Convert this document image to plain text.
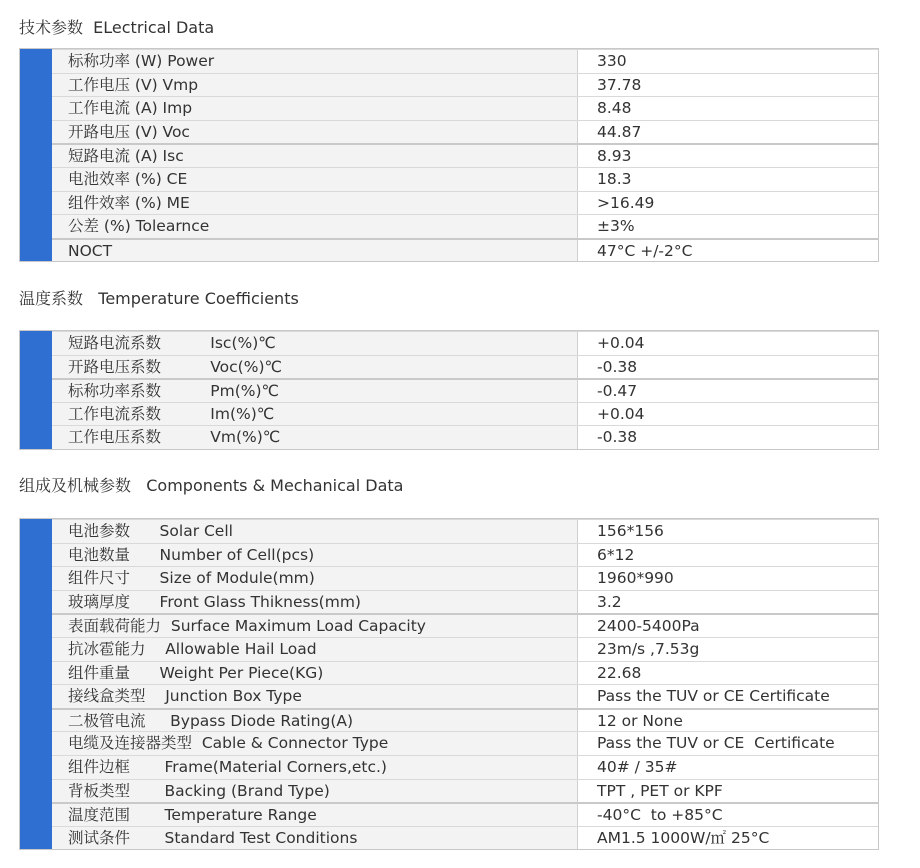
技术参数  ELectrical Data
标称功率 (W) Power	330
工作电压 (V) Vmp	37.78
工作电流 (A) Imp	8.48
开路电压 (V) Voc	44.87
短路电流 (A) Isc	8.93
电池效率 (%) CE	18.3
组件效率 (%) ME	>16.49
公差 (%) Tolearnce	±3%
NOCT	47°C +/-2°C
温度系数   Temperature Coefficients
短路电流系数          Isc(%)℃	+0.04
开路电压系数          Voc(%)℃	-0.38
标称功率系数          Pm(%)℃	-0.47
工作电流系数          Im(%)℃	+0.04
工作电压系数          Vm(%)℃	-0.38
组成及机械参数   Components & Mechanical Data
电池参数      Solar Cell	156*156
电池数量      Number of Cell(pcs)	6*12
组件尺寸      Size of Module(mm)	1960*990
玻璃厚度      Front Glass Thikness(mm)	3.2
表面载荷能力  Surface Maximum Load Capacity	2400-5400Pa
抗冰雹能力    Allowable Hail Load	23m/s ,7.53g
组件重量      Weight Per Piece(KG)	22.68
接线盒类型    Junction Box Type	Pass the TUV or CE Certificate
二极管电流     Bypass Diode Rating(A)	12 or None
电缆及连接器类型  Cable & Connector Type	Pass the TUV or CE  Certificate
组件边框       Frame(Material Corners,etc.)	40# / 35#
背板类型       Backing (Brand Type)	TPT , PET or KPF
温度范围       Temperature Range	-40°C  to +85°C
测试条件       Standard Test Conditions	AM1.5 1000W/㎡ 25°C
